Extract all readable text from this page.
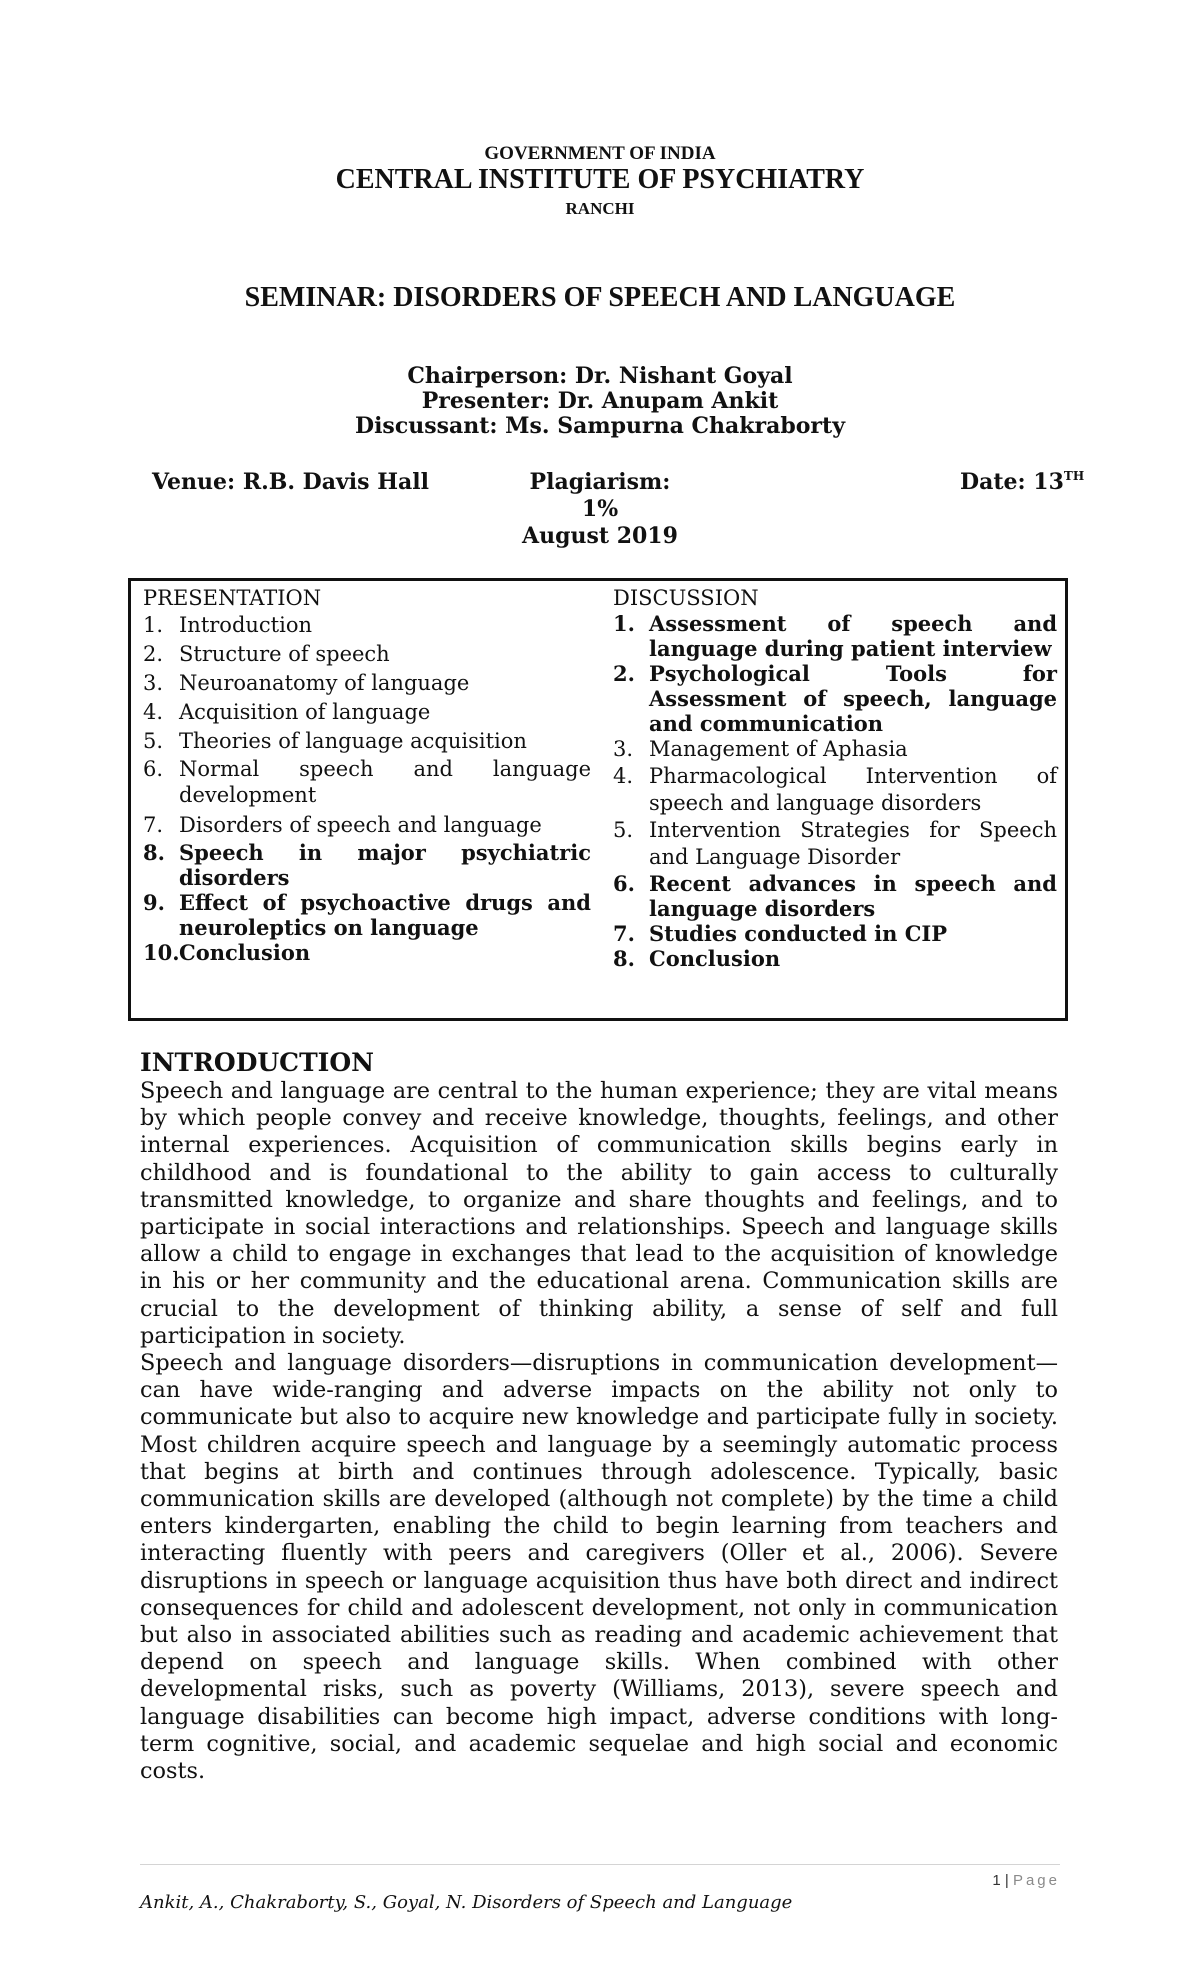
GOVERNMENT OF INDIA
CENTRAL INSTITUTE OF PSYCHIATRY
RANCHI
SEMINAR: DISORDERS OF SPEECH AND LANGUAGE
Chairperson: Dr. Nishant Goyal
Presenter: Dr. Anupam Ankit
Discussant: Ms. Sampurna Chakraborty
Venue: R.B. Davis Hall	Plagiarism: 1%
August 2019
Date: 13TH
PRESENTATION
1. Introduction
2. Structure of speech
3. Neuroanatomy of language
4. Acquisition of language
5. Theories of language acquisition
6. Normal speech and language development
7. Disorders of speech and language
8. Speech in major psychiatric disorders
9. Effect of psychoactive drugs and neuroleptics on language
10. Conclusion
DISCUSSION
1. Assessment of speech and language during patient interview
2. Psychological Tools for Assessment of speech, language and communication
3. Management of Aphasia
4. Pharmacological Intervention of speech and language disorders
5. Intervention Strategies for Speech and Language Disorder
6. Recent advances in speech and language disorders
7. Studies conducted in CIP
8. Conclusion
INTRODUCTION

Speech and language are central to the human experience; they are vital means by which people convey and receive knowledge, thoughts, feelings, and other internal experiences. Acquisition of communication skills begins early in childhood and is foundational to the ability to gain access to culturally transmitted knowledge, to organize and share thoughts and feelings, and to participate in social interactions and relationships. Speech and language skills allow a child to engage in exchanges that lead to the acquisition of knowledge in his or her community and the educational arena. Communication skills are crucial to the development of thinking ability, a sense of self and full participation in society.

Speech and language disorders—disruptions in communication development—can have wide-ranging and adverse impacts on the ability not only to communicate but also to acquire new knowledge and participate fully in society. Most children acquire speech and language by a seemingly automatic process that begins at birth and continues through adolescence. Typically, basic communication skills are developed (although not complete) by the time a child enters kindergarten, enabling the child to begin learning from teachers and interacting fluently with peers and caregivers (Oller et al., 2006). Severe disruptions in speech or language acquisition thus have both direct and indirect consequences for child and adolescent development, not only in communication but also in associated abilities such as reading and academic achievement that depend on speech and language skills. When combined with other developmental risks, such as poverty (Williams, 2013), severe speech and language disabilities can become high impact, adverse conditions with long-term cognitive, social, and academic sequelae and high social and economic costs.

1 | Page
Ankit, A., Chakraborty, S., Goyal, N. Disorders of Speech and Language
